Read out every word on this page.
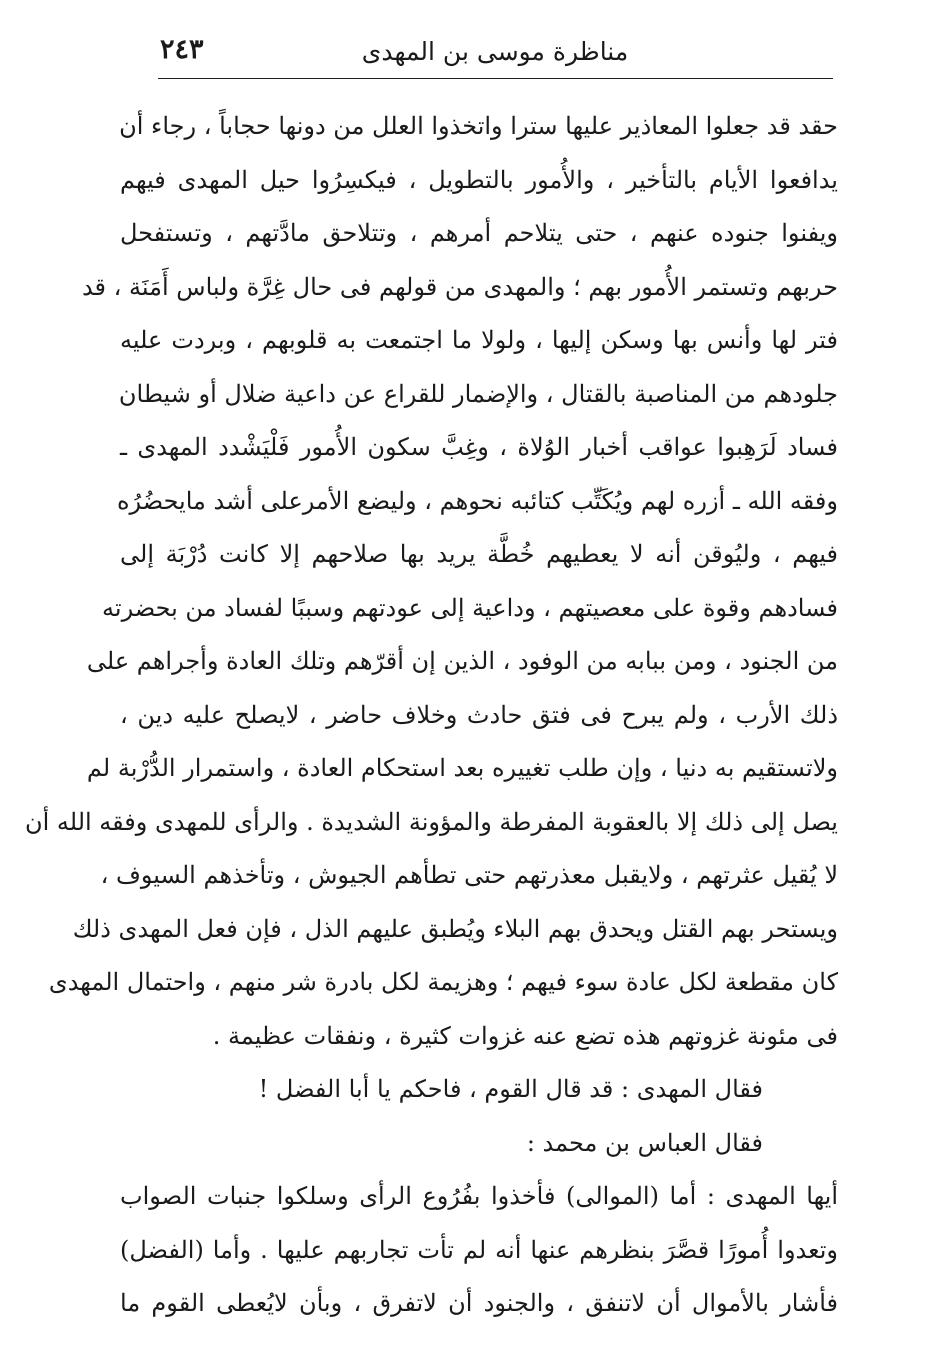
مناظرة موسى بن المهدى
٢٤٣
حقد قد جعلوا المعاذير عليها سترا واتخذوا العلل من دونها حجاباً ، رجاء أن
يدافعوا الأيام بالتأخير ، والأُمور بالتطويل ، فيكسِرُوا حيل المهدى فيهم
ويفنوا جنوده عنهم ، حتى يتلاحم أمرهم ، وتتلاحق مادَّتهم ، وتستفحل
حربهم وتستمر الأُمور بهم ؛ والمهدى من قولهم فى حال غِرَّة ولباس أَمَنَة ، قد
فتر لها وأنس بها وسكن إليها ، ولولا ما اجتمعت به قلوبهم ، وبردت عليه
جلودهم من المناصبة بالقتال ، والإضمار للقراع عن داعية ضلال أو شيطان
فساد لَرَهِبوا عواقب أخبار الوُلاة ، وغِبَّ سكون الأُمور فَلْيَشْدد المهدى ـ
وفقه الله ـ أزره لهم ويُكَتِّب كتائبه نحوهم ، وليضع الأمرعلى أشد مايحضُرُه
فيهم ، وليُوقن أنه لا يعطيهم خُطَّة يريد بها صلاحهم إلا كانت دُرْبَة إلى
فسادهم وقوة على معصيتهم ، وداعية إلى عودتهم وسببًا لفساد من بحضرته
من الجنود ، ومن ببابه من الوفود ، الذين إن أقرّهم وتلك العادة وأجراهم على
ذلك الأرب ، ولم يبرح فى فتق حادث وخلاف حاضر ، لايصلح عليه دين ،
ولاتستقيم به دنيا ، وإن طلب تغييره بعد استحكام العادة ، واستمرار الدُّرْبة لم
يصل إلى ذلك إلا بالعقوبة المفرطة والمؤونة الشديدة . والرأى للمهدى وفقه الله أن
لا يُقيل عثرتهم ، ولايقبل معذرتهم حتى تطأهم الجيوش ، وتأخذهم السيوف ،
ويستحر بهم القتل ويحدق بهم البلاء ويُطبق عليهم الذل ، فإن فعل المهدى ذلك
كان مقطعة لكل عادة سوء فيهم ؛ وهزيمة لكل بادرة شر منهم ، واحتمال المهدى
فى مئونة غزوتهم هذه تضع عنه غزوات كثيرة ، ونفقات عظيمة .
فقال المهدى : قد قال القوم ، فاحكم يا أبا الفضل !
فقال العباس بن محمد :
أيها المهدى : أما (الموالى) فأخذوا بفُرُوع الرأى وسلكوا جنبات الصواب
وتعدوا أُمورًا قصَّرَ بنظرهم عنها أنه لم تأت تجاربهم عليها . وأما (الفضل)
فأشار بالأموال أن لاتنفق ، والجنود أن لاتفرق ، وبأن لايُعطى القوم ما
